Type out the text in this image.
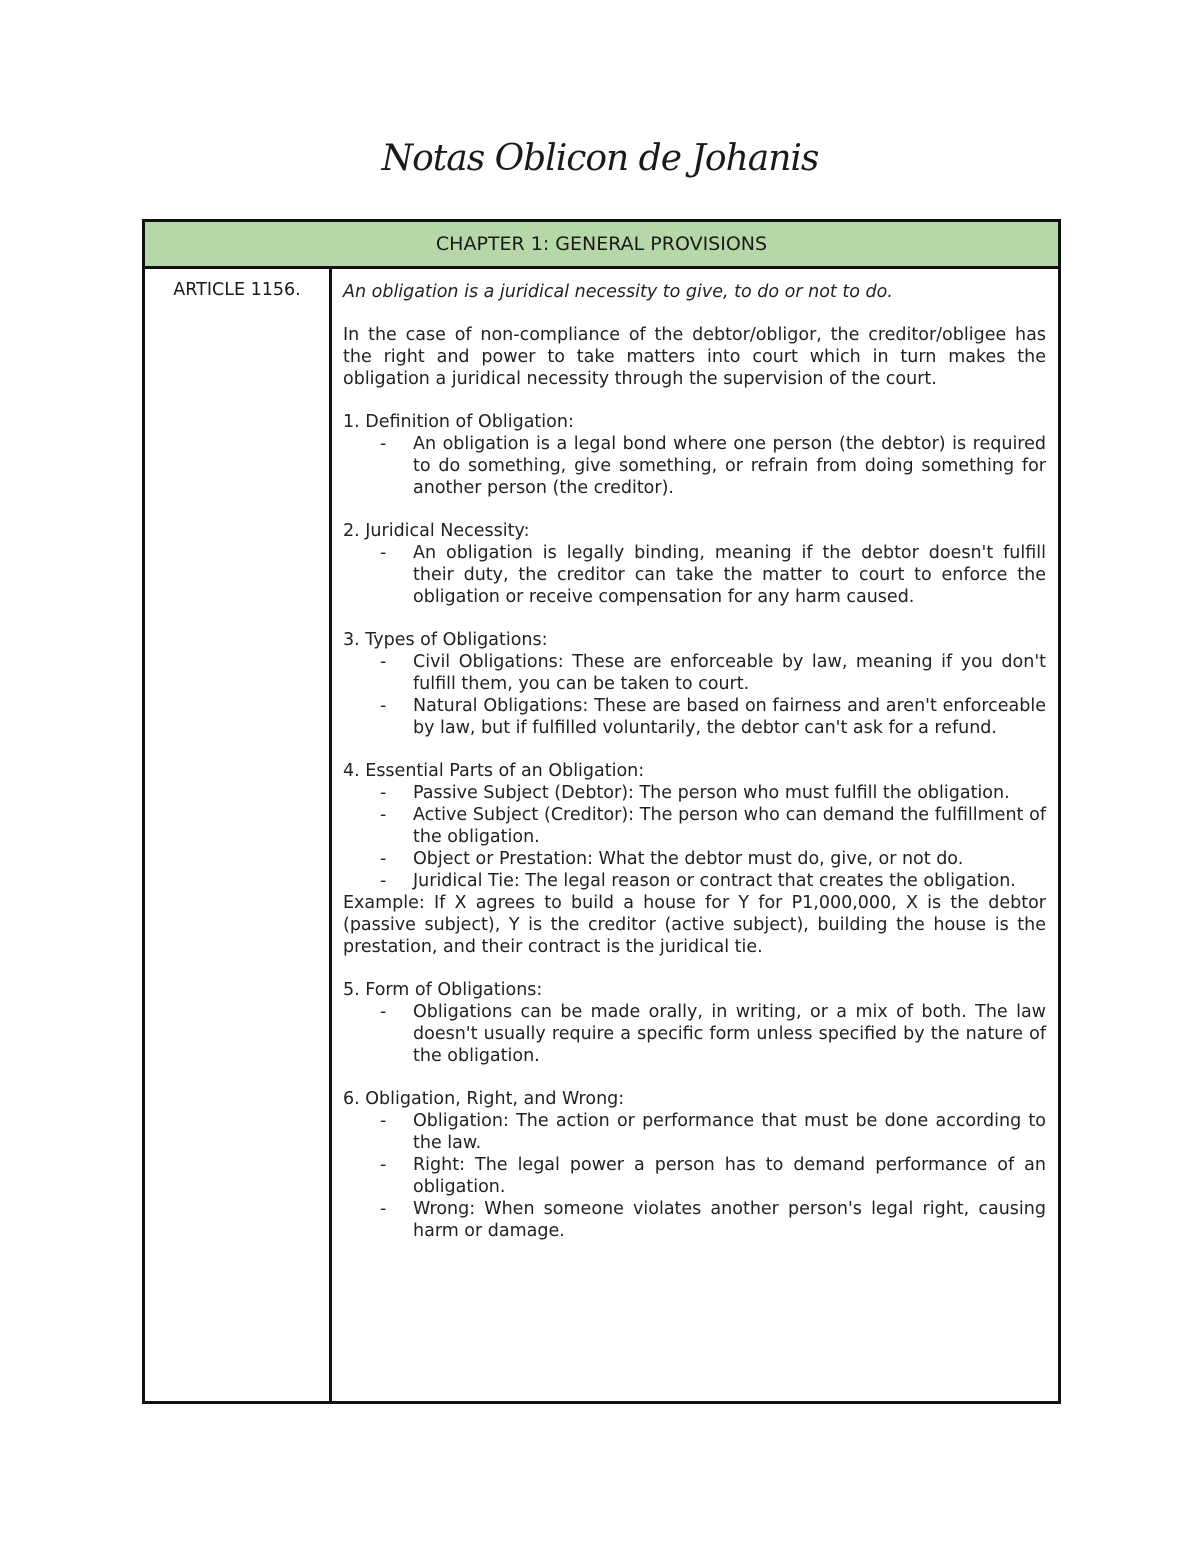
Notas Oblicon de Johanis
CHAPTER 1: GENERAL PROVISIONS
ARTICLE 1156.	An obligation is a juridical necessity to give, to do or not to do.

In the case of non-compliance of the debtor/obligor, the creditor/obligee has the right and power to take matters into court which in turn makes the obligation a juridical necessity through the supervision of the court.

1. Definition of Obligation:
- An obligation is a legal bond where one person (the debtor) is required to do something, give something, or refrain from doing something for another person (the creditor).
2. Juridical Necessity:
- An obligation is legally binding, meaning if the debtor doesn't fulfill their duty, the creditor can take the matter to court to enforce the obligation or receive compensation for any harm caused.
3. Types of Obligations:
- Civil Obligations: These are enforceable by law, meaning if you don't fulfill them, you can be taken to court.
- Natural Obligations: These are based on fairness and aren't enforceable by law, but if fulfilled voluntarily, the debtor can't ask for a refund.
4. Essential Parts of an Obligation:
- Passive Subject (Debtor): The person who must fulfill the obligation.
- Active Subject (Creditor): The person who can demand the fulfillment of the obligation.
- Object or Prestation: What the debtor must do, give, or not do.
- Juridical Tie: The legal reason or contract that creates the obligation.

Example: If X agrees to build a house for Y for P1,000,000, X is the debtor (passive subject), Y is the creditor (active subject), building the house is the prestation, and their contract is the juridical tie.

5. Form of Obligations:
- Obligations can be made orally, in writing, or a mix of both. The law doesn't usually require a specific form unless specified by the nature of the obligation.
6. Obligation, Right, and Wrong:
- Obligation: The action or performance that must be done according to the law.
- Right: The legal power a person has to demand performance of an obligation.
- Wrong: When someone violates another person's legal right, causing harm or damage.
